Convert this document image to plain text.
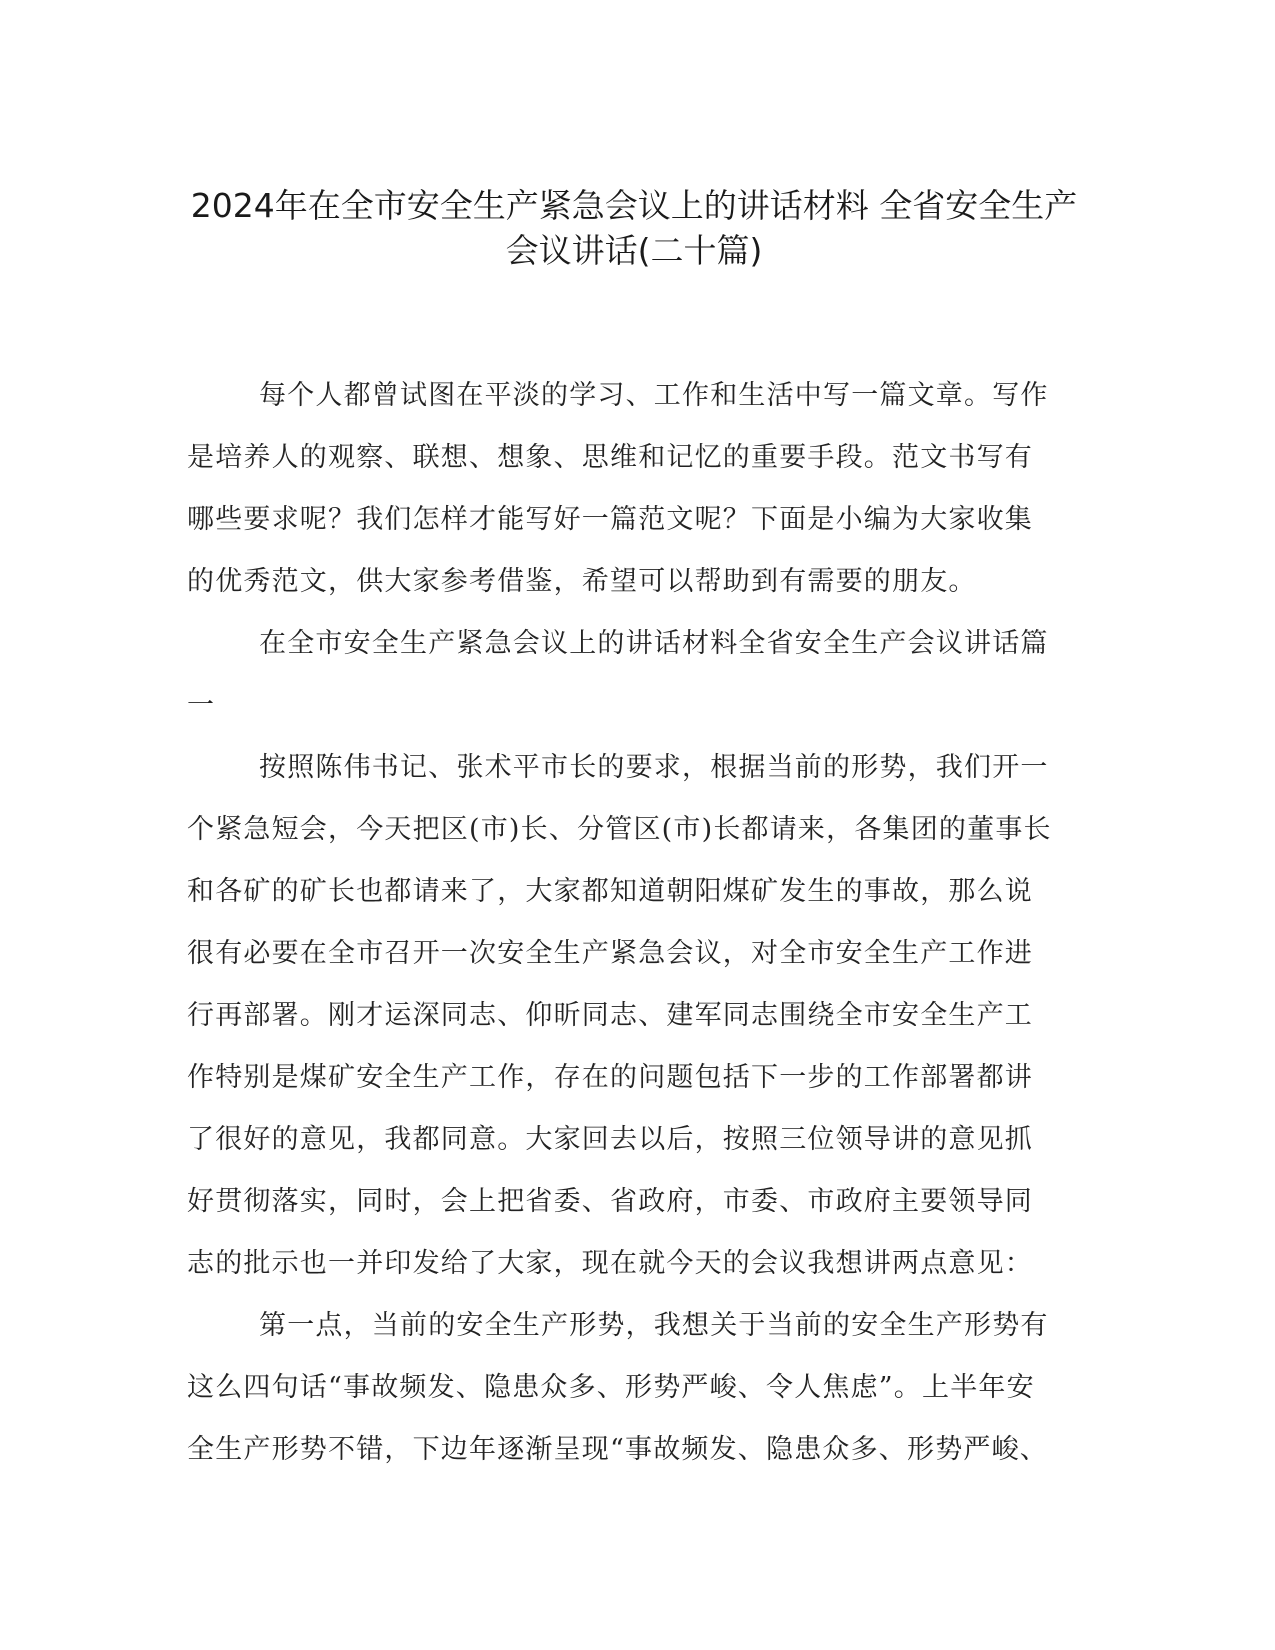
2024年在全市安全生产紧急会议上的讲话材料 全省安全生产
会议讲话(二十篇)
每个人都曾试图在平淡的学习、工作和生活中写一篇文章。写作
是培养人的观察、联想、想象、思维和记忆的重要手段。范文书写有
哪些要求呢？我们怎样才能写好一篇范文呢？下面是小编为大家收集
的优秀范文，供大家参考借鉴，希望可以帮助到有需要的朋友。
在全市安全生产紧急会议上的讲话材料全省安全生产会议讲话篇
一
按照陈伟书记、张术平市长的要求，根据当前的形势，我们开一
个紧急短会，今天把区(市)长、分管区(市)长都请来，各集团的董事长
和各矿的矿长也都请来了，大家都知道朝阳煤矿发生的事故，那么说
很有必要在全市召开一次安全生产紧急会议，对全市安全生产工作进
行再部署。刚才运深同志、仰昕同志、建军同志围绕全市安全生产工
作特别是煤矿安全生产工作，存在的问题包括下一步的工作部署都讲
了很好的意见，我都同意。大家回去以后，按照三位领导讲的意见抓
好贯彻落实，同时，会上把省委、省政府，市委、市政府主要领导同
志的批示也一并印发给了大家，现在就今天的会议我想讲两点意见：
第一点，当前的安全生产形势，我想关于当前的安全生产形势有
这么四句话“事故频发、隐患众多、形势严峻、令人焦虑”。上半年安
全生产形势不错，下边年逐渐呈现“事故频发、隐患众多、形势严峻、
